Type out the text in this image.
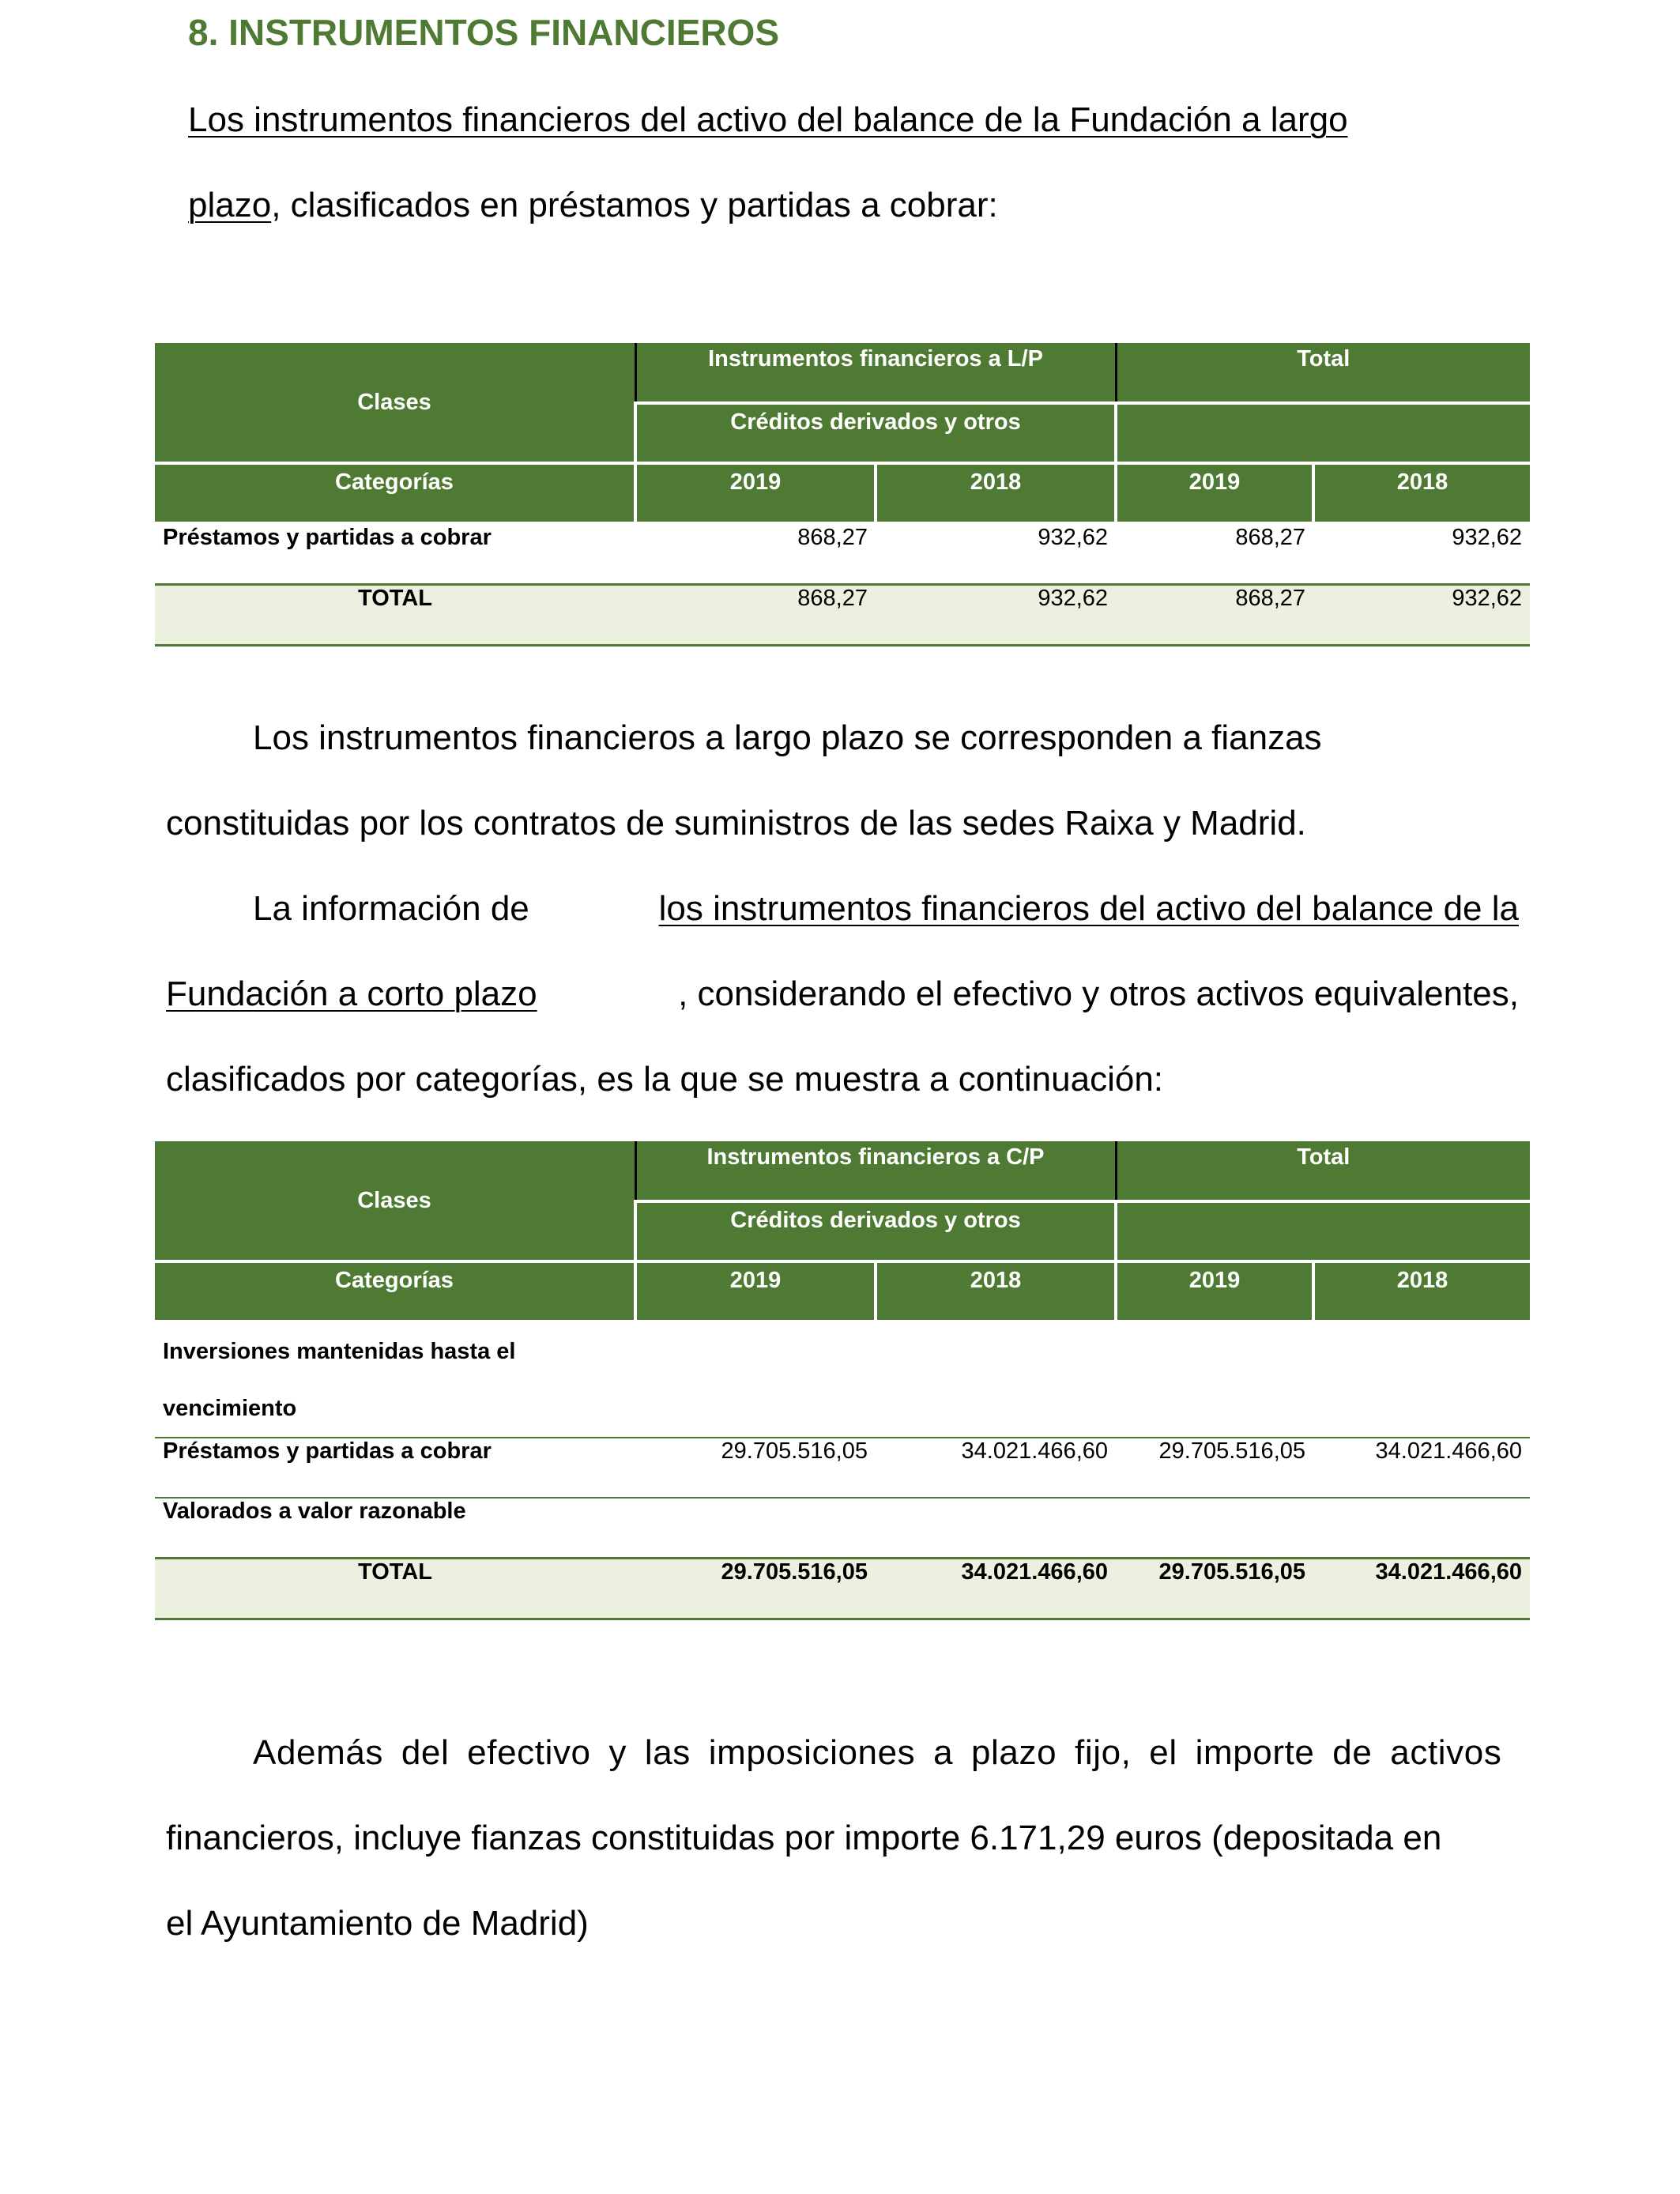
8. INSTRUMENTOS FINANCIEROS
Los instrumentos financieros del activo del balance de la Fundación a largo
plazo, clasificados en préstamos y partidas a cobrar:
Clases	Instrumentos financieros a L/P		Total	
	Créditos derivados y otros			
Categorías	2019	2018	2019	2018
Préstamos y partidas a cobrar	868,27	932,62	868,27	932,62
TOTAL	868,27	932,62	868,27	932,62
Los instrumentos financieros a largo plazo se corresponden a fianzas
constituidas por los contratos de suministros de las sedes Raixa y Madrid.
La información de	los instrumentos financieros del activo del balance de la
Fundación a corto plazo	, considerando el efectivo y otros activos equivalentes,
clasificados por categorías, es la que se muestra a continuación:
Clases	Instrumentos financieros a C/P		Total	
	Créditos derivados y otros			
Categorías	2019	2018	2019	2018

Inversiones mantenidas hasta el
vencimiento				

Préstamos y partidas a cobrar	29.705.516,05	34.021.466,60	29.705.516,05	34.021.466,60
Valorados a valor razonable				
TOTAL	29.705.516,05	34.021.466,60	29.705.516,05	34.021.466,60
Además del efectivo y las imposiciones a plazo fijo, el importe de activos
financieros, incluye fianzas constituidas por importe 6.171,29 euros (depositada en
el Ayuntamiento de Madrid)
